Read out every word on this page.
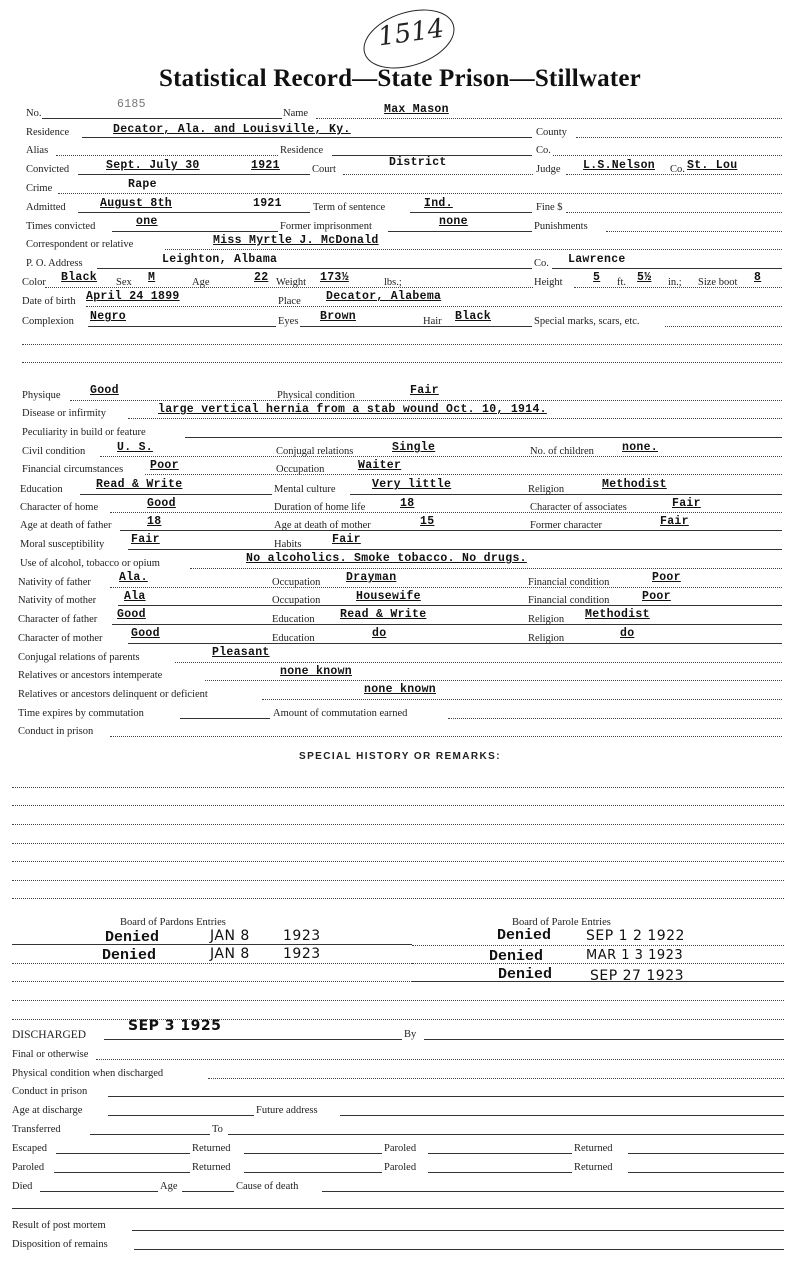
1514
Statistical Record—State Prison—Stillwater
No.
6185
Name	Max Mason
Residence	Decator, Ala. and Louisville, Ky.	County
Alias	Residence	Co.
Convicted	Sept. July 30	1921	Court
District
Judge L.S.Nelson Co. St. Lou
Crime	Rape
Admitted	August 8th	1921	Term of sentence	Ind.	Fine $
Times convicted	one	Former imprisonment	none	Punishments
Correspondent or relative	Miss Myrtle J. McDonald
P. O. Address	Leighton, Albama	Co. Lawrence
Color Black Sex M	Age	22 Weight 173½	lbs.;	Height	5 ft. 5½ in.; Size boot 8
Date of birth April 24 1899	Place Decator, Alabema
Complexion Negro	Eyes Brown	Hair Black	Special marks, scars, etc.
Physique	Good	Physical condition	Fair
Disease or infirmity	large vertical hernia from a stab wound Oct. 10, 1914.
Peculiarity in build or feature
Civil condition	U. S.	Conjugal relations	Single	No. of children none.
Financial circumstances Poor	Occupation	Waiter
Education	Read & Write	Mental culture	Very little	Religion	Methodist
Character of home	Good	Duration of home life	18	Character of associates	Fair
Age at death of father	18	Age at death of mother	15	Former character	Fair
Moral susceptibility Fair	Habits	Fair
Use of alcohol, tobacco or opium	No alcoholics. Smoke tobacco. No drugs.
Nativity of father Ala.	Occupation Drayman	Financial condition	Poor
Nativity of mother Ala	Occupation	Housewife	Financial condition	Poor
Character of father Good	Education Read & Write	Religion Methodist
Character of mother Good	Education	do	Religion	do
Conjugal relations of parents	Pleasant
Relatives or ancestors intemperate	none known
Relatives or ancestors delinquent or deficient	none known
Time expires by commutation	Amount of commutation earned
Conduct in prison
SPECIAL HISTORY OR REMARKS:
Board of Pardons Entries
Denied	JAN 8 1923
Denied	JAN 8 1923
Board of Parole Entries
Denied SEP 1 2 1922
Denied	MAR 1 3 1923
Denied	SEP 27 1923
DISCHARGED
SEP 3 1925
By
Final or otherwise
Physical condition when discharged
Conduct in prison
Age at discharge	Future address
Transferred	To
Escaped	Returned	Paroled	Returned
Paroled	Returned	Paroled	Returned
Died	Age	Cause of death
Result of post mortem
Disposition of remains
